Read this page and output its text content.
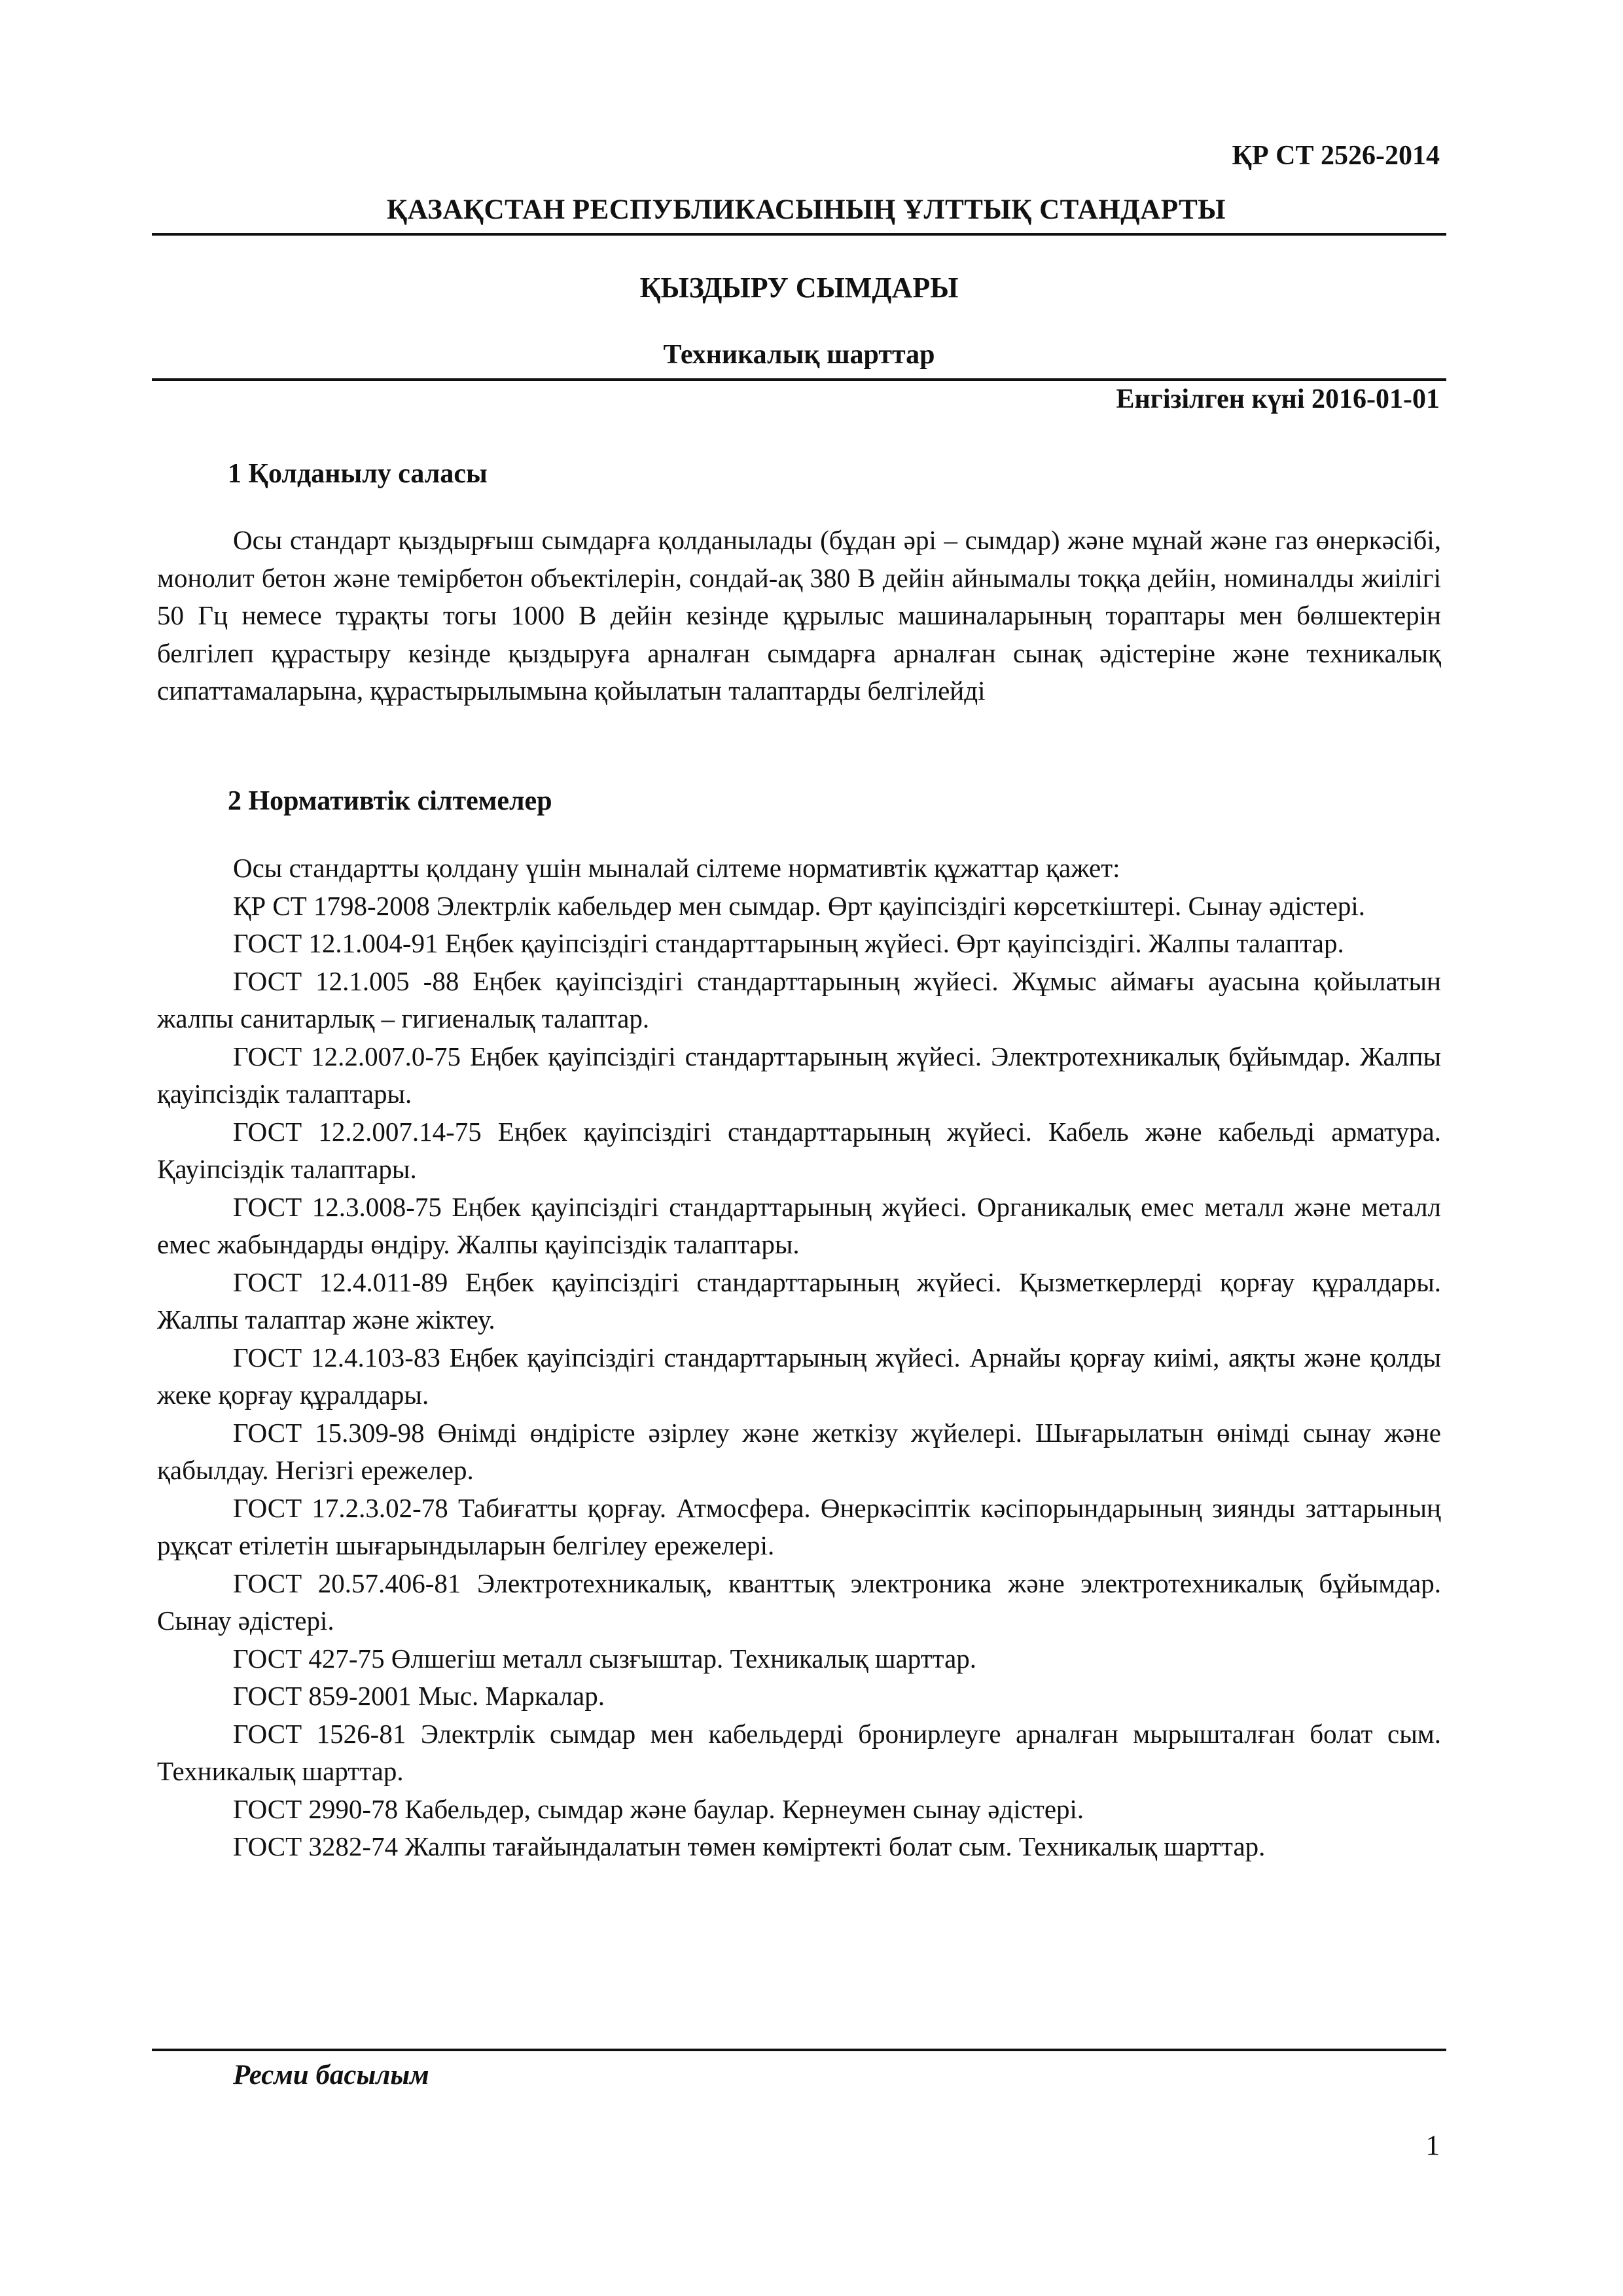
ҚР СТ 2526-2014
ҚАЗАҚСТАН РЕСПУБЛИКАСЫНЫҢ ҰЛТТЫҚ СТАНДАРТЫ
ҚЫЗДЫРУ СЫМДАРЫ
Техникалық шарттар
Енгізілген күні 2016-01-01
1 Қолданылу саласы

Осы стандарт қыздырғыш сымдарға қолданылады (бұдан әрі – сымдар) және мұнай және газ өнеркәсібі, монолит бетон және темірбетон объектілерін, сондай-ақ 380 В дейін айнымалы тоққа дейін, номиналды жиілігі 50 Гц немесе тұрақты тогы 1000 В дейін кезінде құрылыс машиналарының тораптары мен бөлшектерін белгілеп құрастыру кезінде қыздыруға арналған сымдарға арналған сынақ әдістеріне және техникалық сипаттамаларына, құрастырылымына қойылатын талаптарды белгілейді

2 Нормативтік сілтемелер

Осы стандартты қолдану үшін мыналай сілтеме нормативтік құжаттар қажет:

ҚР СТ 1798-2008 Электрлік кабельдер мен сымдар. Өрт қауіпсіздігі көрсеткіштері. Сынау әдістері.

ГОСТ 12.1.004-91 Еңбек қауіпсіздігі стандарттарының жүйесі. Өрт қауіпсіздігі. Жалпы талаптар.

ГОСТ 12.1.005 -88 Еңбек қауіпсіздігі стандарттарының жүйесі. Жұмыс аймағы ауасына қойылатын жалпы санитарлық – гигиеналық талаптар.

ГОСТ 12.2.007.0-75 Еңбек қауіпсіздігі стандарттарының жүйесі. Электротехникалық бұйымдар. Жалпы қауіпсіздік талаптары.

ГОСТ 12.2.007.14-75 Еңбек қауіпсіздігі стандарттарының жүйесі. Кабель және кабельді арматура. Қауіпсіздік талаптары.

ГОСТ 12.3.008-75 Еңбек қауіпсіздігі стандарттарының жүйесі. Органикалық емес металл және металл емес жабындарды өндіру. Жалпы қауіпсіздік талаптары.

ГОСТ 12.4.011-89 Еңбек қауіпсіздігі стандарттарының жүйесі. Қызметкерлерді қорғау құралдары. Жалпы талаптар және жіктеу.

ГОСТ 12.4.103-83 Еңбек қауіпсіздігі стандарттарының жүйесі. Арнайы қорғау киімі, аяқты және қолды жеке қорғау құралдары.

ГОСТ 15.309-98 Өнімді өндірісте әзірлеу және жеткізу жүйелері. Шығарылатын өнімді сынау және қабылдау. Негізгі ережелер.

ГОСТ 17.2.3.02-78 Табиғатты қорғау. Атмосфера. Өнеркәсіптік кәсіпорындарының зиянды заттарының рұқсат етілетін шығарындыларын белгілеу ережелері.

ГОСТ 20.57.406-81 Электротехникалық, кванттық электроника және электротехникалық бұйымдар. Сынау әдістері.

ГОСТ 427-75 Өлшегіш металл сызғыштар. Техникалық шарттар.

ГОСТ 859-2001 Мыс. Маркалар.

ГОСТ 1526-81 Электрлік сымдар мен кабельдерді бронирлеуге арналған мырышталған болат сым. Техникалық шарттар.

ГОСТ 2990-78 Кабельдер, сымдар және баулар. Кернеумен сынау әдістері.

ГОСТ 3282-74 Жалпы тағайындалатын төмен көміртекті болат сым. Техникалық шарттар.

Ресми басылым
1
